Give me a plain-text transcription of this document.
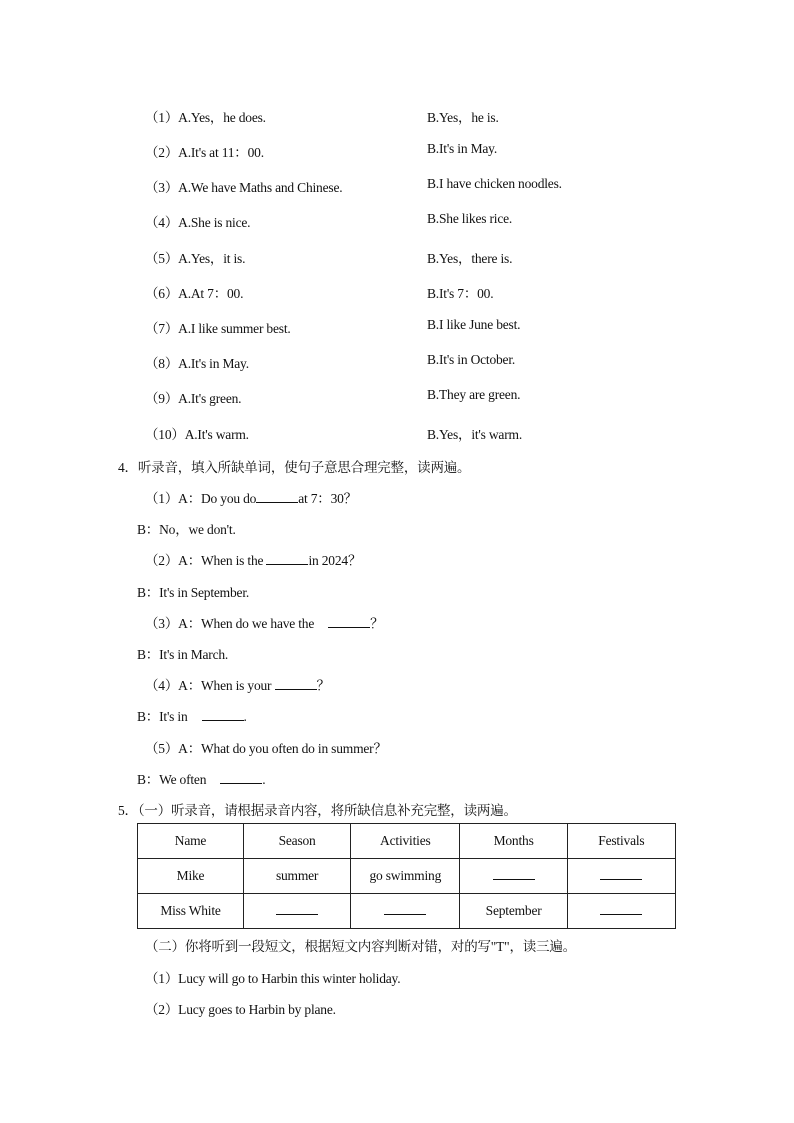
（1）A.Yes，he does.	B.Yes，he is.
（2）A.It's at 11：00.	B.It's in May.
（3）A.We have Maths and Chinese.	B.I have chicken noodles.
（4）A.She is nice.	B.She likes rice.
（5）A.Yes，it is.	B.Yes，there is.
（6）A.At 7：00.	B.It's 7：00.
（7）A.I like summer best.	B.I like June best.
（8）A.It's in May.	B.It's in October.
（9）A.It's green.	B.They are green.
（10）A.It's warm.	B.Yes，it's warm.
4．听录音，填入所缺单词，使句子意思合理完整，读两遍。
（1）A：Do you do	at 7：30？
B：No，we don't.
（2）A：When is the	in 2024？
B：It's in September.
（3）A：When do we have the	？
B：It's in March.
（4）A：When is your	？
B：It's in	.
（5）A：What do you often do in summer？
B：We often	.
5．（一）听录音，请根据录音内容，将所缺信息补充完整，读两遍。
Name	Season	Activities	Months	Festivals
Mike	summer	go swimming		
Miss White			September	
（二）你将听到一段短文，根据短文内容判断对错，对的写"T"，读三遍。
（1）Lucy will go to Harbin this winter holiday.
（2）Lucy goes to Harbin by plane.
